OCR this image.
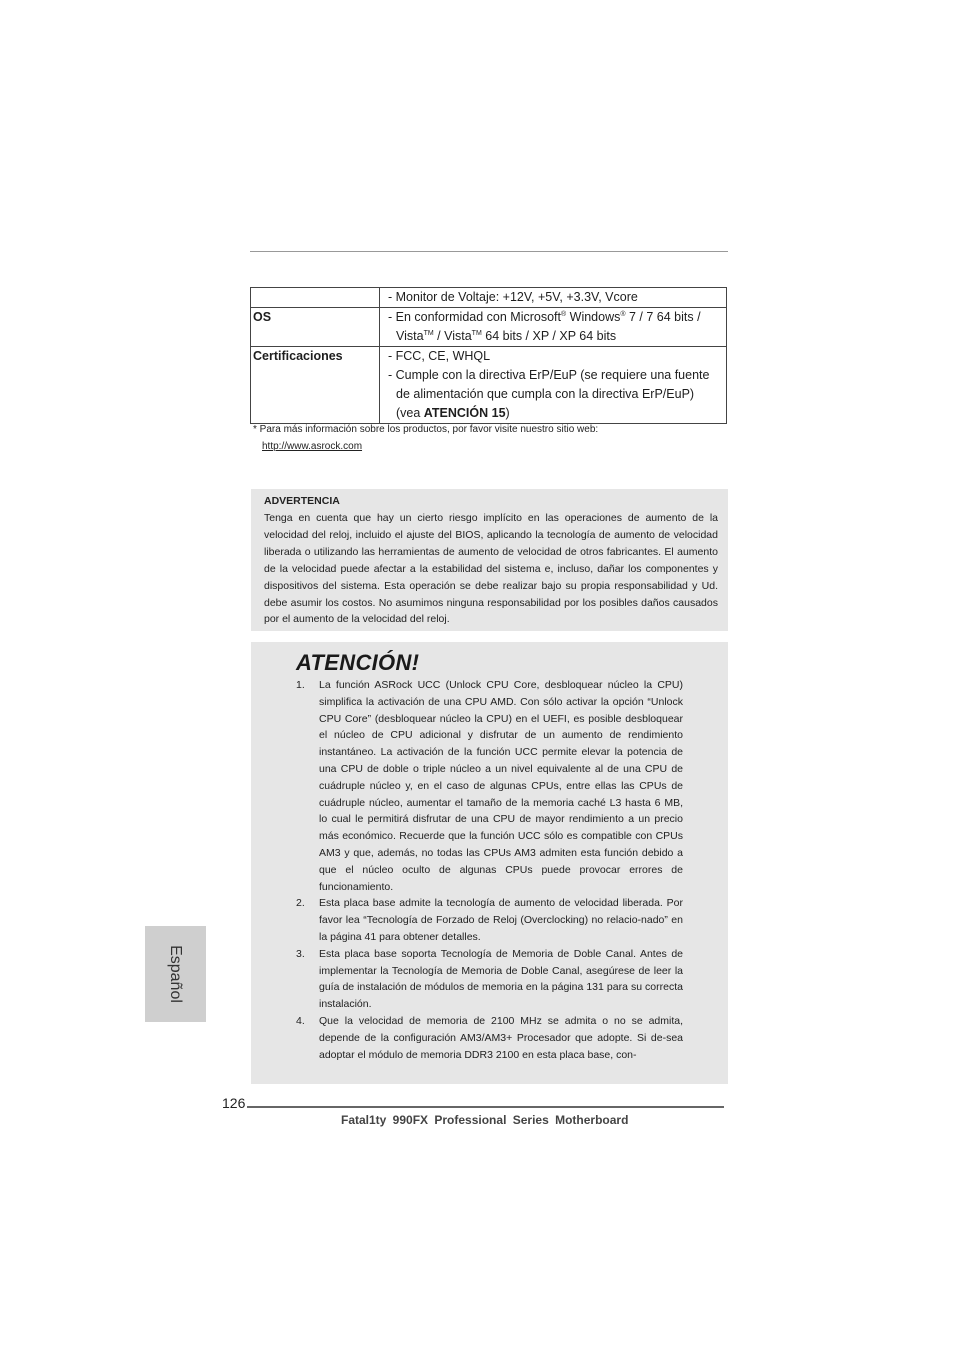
	- Monitor de Voltaje: +12V, +5V, +3.3V, Vcore

OS	- En conformidad con Microsoft® Windows® 7 / 7 64 bits /
Vista™ / Vista™ 64 bits / XP / XP 64 bits

Certificaciones	- FCC, CE, WHQL
- Cumple con la directiva ErP/EuP (se requiere una fuente
de alimentación que cumpla con la directiva ErP/EuP)
(vea ATENCIÓN 15)
* Para más información sobre los productos, por favor visite nuestro sitio web:
http://www.asrock.com
ADVERTENCIA
Tenga en cuenta que hay un cierto riesgo implícito en las operaciones de aumento de la velocidad del reloj, incluido el ajuste del BIOS, aplicando la tecnología de aumento de velocidad liberada o utilizando las herramientas de aumento de velocidad de otros fabricantes. El aumento de la velocidad puede afectar a la estabilidad del sistema e, incluso, dañar los componentes y dispositivos del sistema. Esta operación se debe realizar bajo su propia responsabilidad y Ud. debe asumir los costos. No asumimos ninguna responsabilidad por los posibles daños causados por el aumento de la velocidad del reloj.
ATENCIÓN!
1. La función ASRock UCC (Unlock CPU Core, desbloquear núcleo la CPU) simplifica la activación de una CPU AMD. Con sólo activar la opción “Unlock CPU Core” (desbloquear núcleo la CPU) en el UEFI, es posible desbloquear el núcleo de CPU adicional y disfrutar de un aumento de rendimiento instantáneo. La activación de la función UCC permite elevar la potencia de una CPU de doble o triple núcleo a un nivel equivalente al de una CPU de cuádruple núcleo y, en el caso de algunas CPUs, entre ellas las CPUs de cuádruple núcleo, aumentar el tamaño de la memoria caché L3 hasta 6 MB, lo cual le permitirá disfrutar de una CPU de mayor rendimiento a un precio más económico. Recuerde que la función UCC sólo es compatible con CPUs AM3 y que, además, no todas las CPUs AM3 admiten esta función debido a que el núcleo oculto de algunas CPUs puede provocar errores de funcionamiento.
2. Esta placa base admite la tecnología de aumento de velocidad liberada. Por favor lea “Tecnología de Forzado de Reloj (Overclocking) no relacio-nado” en la página 41 para obtener detalles.
3. Esta placa base soporta Tecnología de Memoria de Doble Canal. Antes de implementar la Tecnología de Memoria de Doble Canal, asegúrese de leer la guía de instalación de módulos de memoria en la página 131 para su correcta instalación.
4. Que la velocidad de memoria de 2100 MHz se admita o no se admita, depende de la configuración AM3/AM3+ Procesador que adopte. Si de-sea adoptar el módulo de memoria DDR3 2100 en esta placa base, con-
Español
126
Fatal1ty 990FX Professional Series Motherboard
